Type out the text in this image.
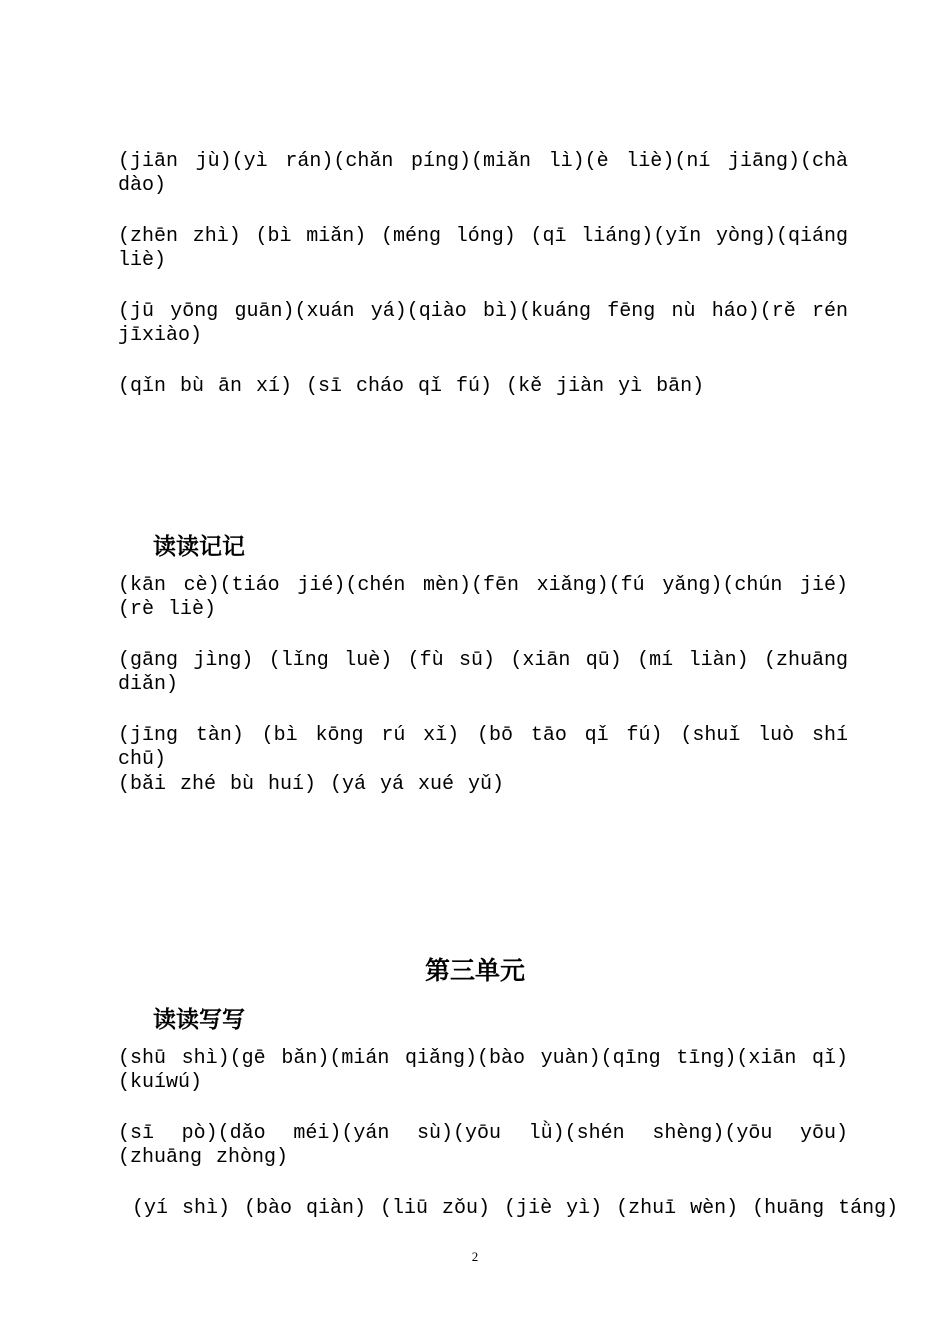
(jiān jù)(yì rán)(chǎn píng)(miǎn lì)(è liè)(ní jiāng)(chà dào)

(zhēn zhì) (bì miǎn) (méng lóng) (qī liáng)(yǐn yòng)(qiáng liè)

(jū yōng guān)(xuán yá)(qiào bì)(kuáng fēng nù háo)(rě rén jīxiào)

(qǐn bù ān xí) (sī cháo qǐ fú) (kě jiàn yì bān)

读读记记

(kān cè)(tiáo jié)(chén mèn)(fēn xiǎng)(fú yǎng)(chún jié)(rè liè)

(gāng jìng) (lǐng luè) (fù sū) (xiān qū) (mí liàn) (zhuāng diǎn)

(jīng tàn) (bì kōng rú xǐ) (bō tāo qǐ fú) (shuǐ luò shí chū)

(bǎi zhé bù huí) (yá yá xué yǔ)

第三单元
读读写写

(shū shì)(gē bǎn)(mián qiǎng)(bào yuàn)(qīng tīng)(xiān qǐ) (kuíwú)

(sī pò)(dǎo méi)(yán sù)(yōu lǜ)(shén shèng)(yōu yōu)(zhuāng zhòng)

(yí shì) (bào qiàn) (liū zǒu) (jiè yì) (zhuī wèn) (huāng táng)

2
